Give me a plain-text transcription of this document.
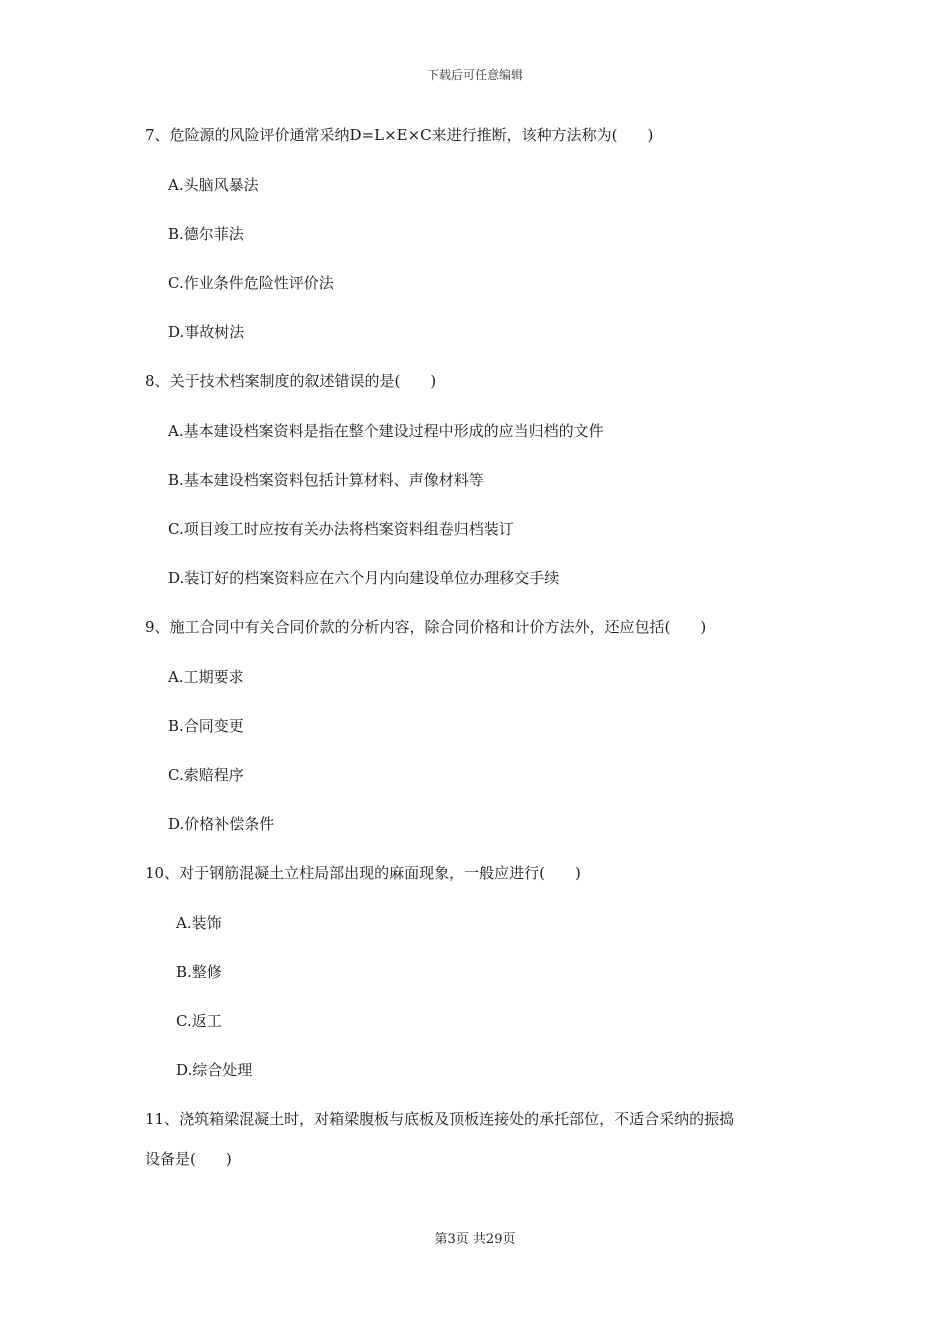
下载后可任意编辑
7、危险源的风险评价通常采纳D=L×E×C来进行推断，该种方法称为(　　)
A.头脑风暴法
B.德尔菲法
C.作业条件危险性评价法
D.事故树法
8、关于技术档案制度的叙述错误的是(　　)
A.基本建设档案资料是指在整个建设过程中形成的应当归档的文件
B.基本建设档案资料包括计算材料、声像材料等
C.项目竣工时应按有关办法将档案资料组卷归档装订
D.装订好的档案资料应在六个月内向建设单位办理移交手续
9、施工合同中有关合同价款的分析内容，除合同价格和计价方法外，还应包括(　　)
A.工期要求
B.合同变更
C.索赔程序
D.价格补偿条件
10、对于钢筋混凝土立柱局部出现的麻面现象，一般应进行(　　)
A.装饰
B.整修
C.返工
D.综合处理
11、浇筑箱梁混凝土时，对箱梁腹板与底板及顶板连接处的承托部位，不适合采纳的振捣
设备是(　　)
第3页 共29页
